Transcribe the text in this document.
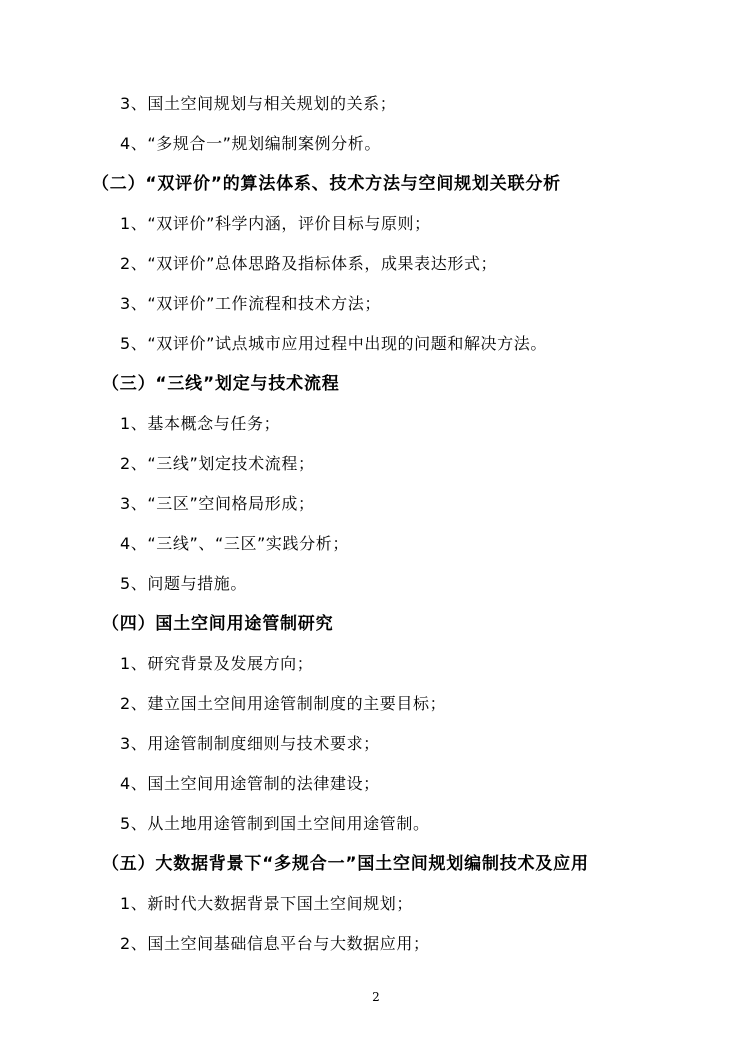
3、国土空间规划与相关规划的关系；
4、“多规合一”规划编制案例分析。
（二）“双评价”的算法体系、技术方法与空间规划关联分析
1、“双评价”科学内涵，评价目标与原则；
2、“双评价”总体思路及指标体系，成果表达形式；
3、“双评价”工作流程和技术方法；
5、“双评价”试点城市应用过程中出现的问题和解决方法。
（三）“三线”划定与技术流程
1、基本概念与任务；
2、“三线”划定技术流程；
3、“三区”空间格局形成；
4、“三线”、“三区”实践分析；
5、问题与措施。
（四）国土空间用途管制研究
1、研究背景及发展方向；
2、建立国土空间用途管制制度的主要目标；
3、用途管制制度细则与技术要求；
4、国土空间用途管制的法律建设；
5、从土地用途管制到国土空间用途管制。
（五）大数据背景下“多规合一”国土空间规划编制技术及应用
1、新时代大数据背景下国土空间规划；
2、国土空间基础信息平台与大数据应用；
2
